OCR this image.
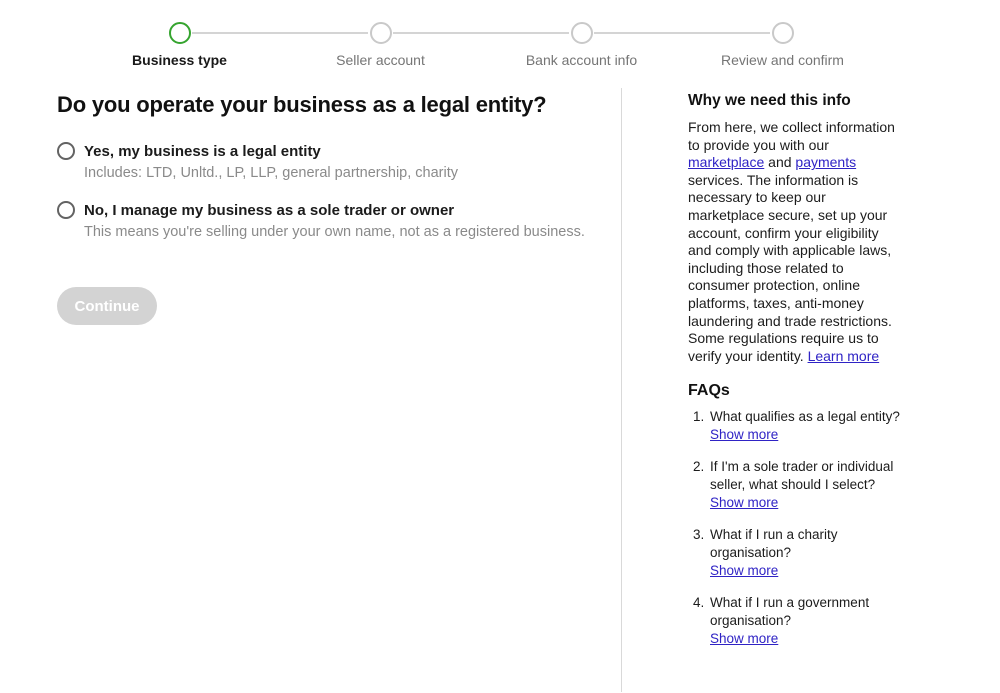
Business type	Seller account	Bank account info	Review and confirm
Do you operate your business as a legal entity?
Yes, my business is a legal entity
Includes: LTD, Unltd., LP, LLP, general partnership, charity
No, I manage my business as a sole trader or owner
This means you're selling under your own name, not as a registered business.
Continue
Why we need this info

From here, we collect information to provide you with our marketplace and payments services. The information is necessary to keep our marketplace secure, set up your account, confirm your eligibility and comply with applicable laws, including those related to consumer protection, online platforms, taxes, anti-money laundering and trade restrictions. Some regulations require us to verify your identity. Learn more

FAQs
1. What qualifies as a legal entity?
Show more
2. If I'm a sole trader or individual seller, what should I select?
Show more
3. What if I run a charity organisation?
Show more
4. What if I run a government organisation?
Show more
